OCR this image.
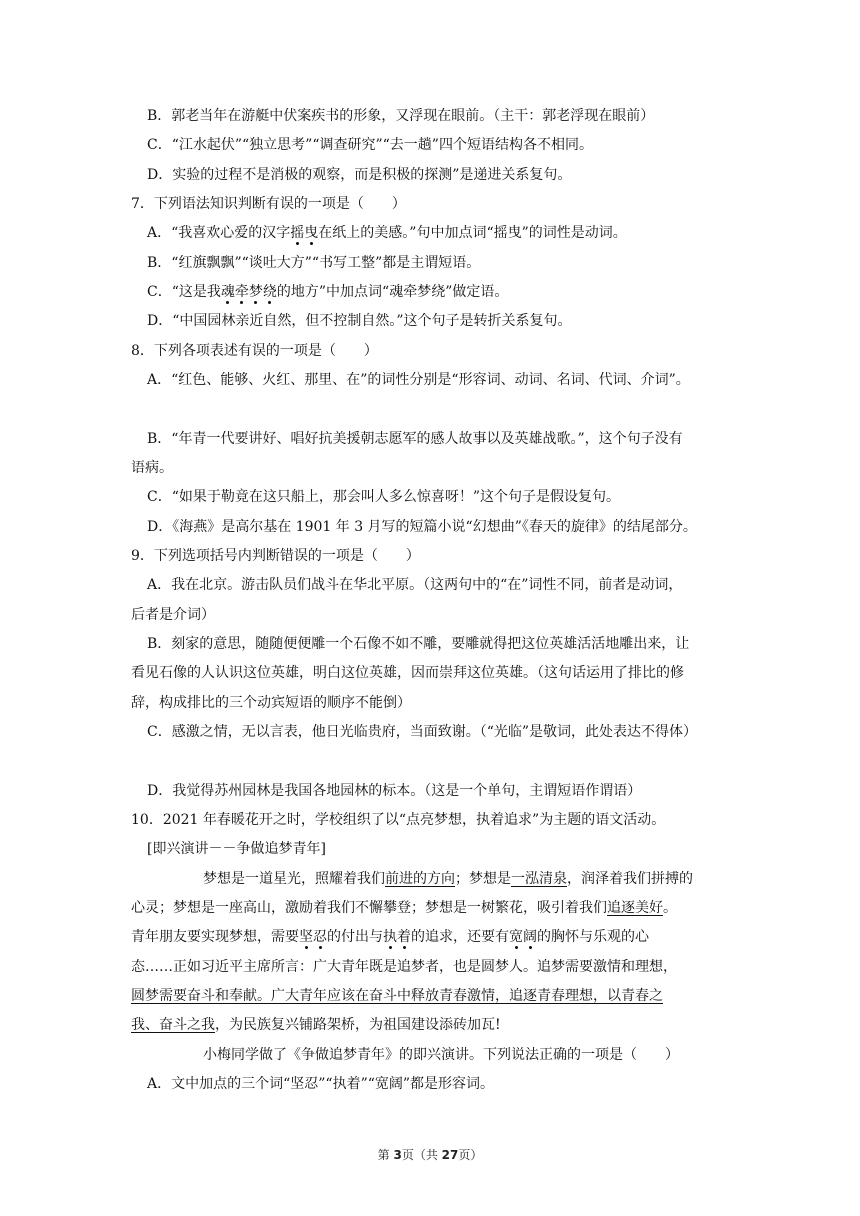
B．郭老当年在游艇中伏案疾书的形象，又浮现在眼前。（主干：郭老浮现在眼前）
C．“江水起伏”“独立思考”“调查研究”“去一趟”四个短语结构各不相同。
D．实验的过程不是消极的观察，而是积极的探测”是递进关系复句。
7．下列语法知识判断有误的一项是（　　）
A．“我喜欢心爱的汉字摇曳在纸上的美感。”句中加点词“摇曳”的词性是动词。
B．“红旗飘飘”“谈吐大方”“书写工整”都是主谓短语。
C．“这是我魂牵梦绕的地方”中加点词“魂牵梦绕”做定语。
D．“中国园林亲近自然，但不控制自然。”这个句子是转折关系复句。
8．下列各项表述有误的一项是（　　）
A．“红色、能够、火红、那里、在”的词性分别是“形容词、动词、名词、代词、介词”。
B．“年青一代要讲好、唱好抗美援朝志愿军的感人故事以及英雄战歌。”，这个句子没有
语病。
C．“如果于勒竟在这只船上，那会叫人多么惊喜呀！”这个句子是假设复句。
D．《海燕》是高尔基在 1901 年 3 月写的短篇小说“幻想曲”《春天的旋律》的结尾部分。
9．下列选项括号内判断错误的一项是（　　）
A．我在北京。游击队员们战斗在华北平原。（这两句中的“在”词性不同，前者是动词，
后者是介词）
B．刻家的意思，随随便便雕一个石像不如不雕，要雕就得把这位英雄活活地雕出来，让
看见石像的人认识这位英雄，明白这位英雄，因而崇拜这位英雄。（这句话运用了排比的修
辞，构成排比的三个动宾短语的顺序不能倒）
C．感激之情，无以言表，他日光临贵府，当面致谢。（“光临”是敬词，此处表达不得体）
D．我觉得苏州园林是我国各地园林的标本。（这是一个单句，主谓短语作谓语）
10．2021 年春暖花开之时，学校组织了以“点亮梦想，执着追求”为主题的语文活动。
[即兴演讲－－争做追梦青年]
梦想是一道星光，照耀着我们前进的方向；梦想是一泓清泉，润泽着我们拼搏的
心灵；梦想是一座高山，激励着我们不懈攀登；梦想是一树繁花，吸引着我们追逐美好。
青年朋友要实现梦想，需要坚忍的付出与执着的追求，还要有宽阔的胸怀与乐观的心
态……正如习近平主席所言：广大青年既是追梦者，也是圆梦人。追梦需要激情和理想，
圆梦需要奋斗和奉献。广大青年应该在奋斗中释放青春激情，追逐青春理想，以青春之
我、奋斗之我，为民族复兴铺路架桥，为祖国建设添砖加瓦!
小梅同学做了《争做追梦青年》的即兴演讲。下列说法正确的一项是（　　）
A．文中加点的三个词“坚忍”“执着”“宽阔”都是形容词。
第 3页（共 27页）
